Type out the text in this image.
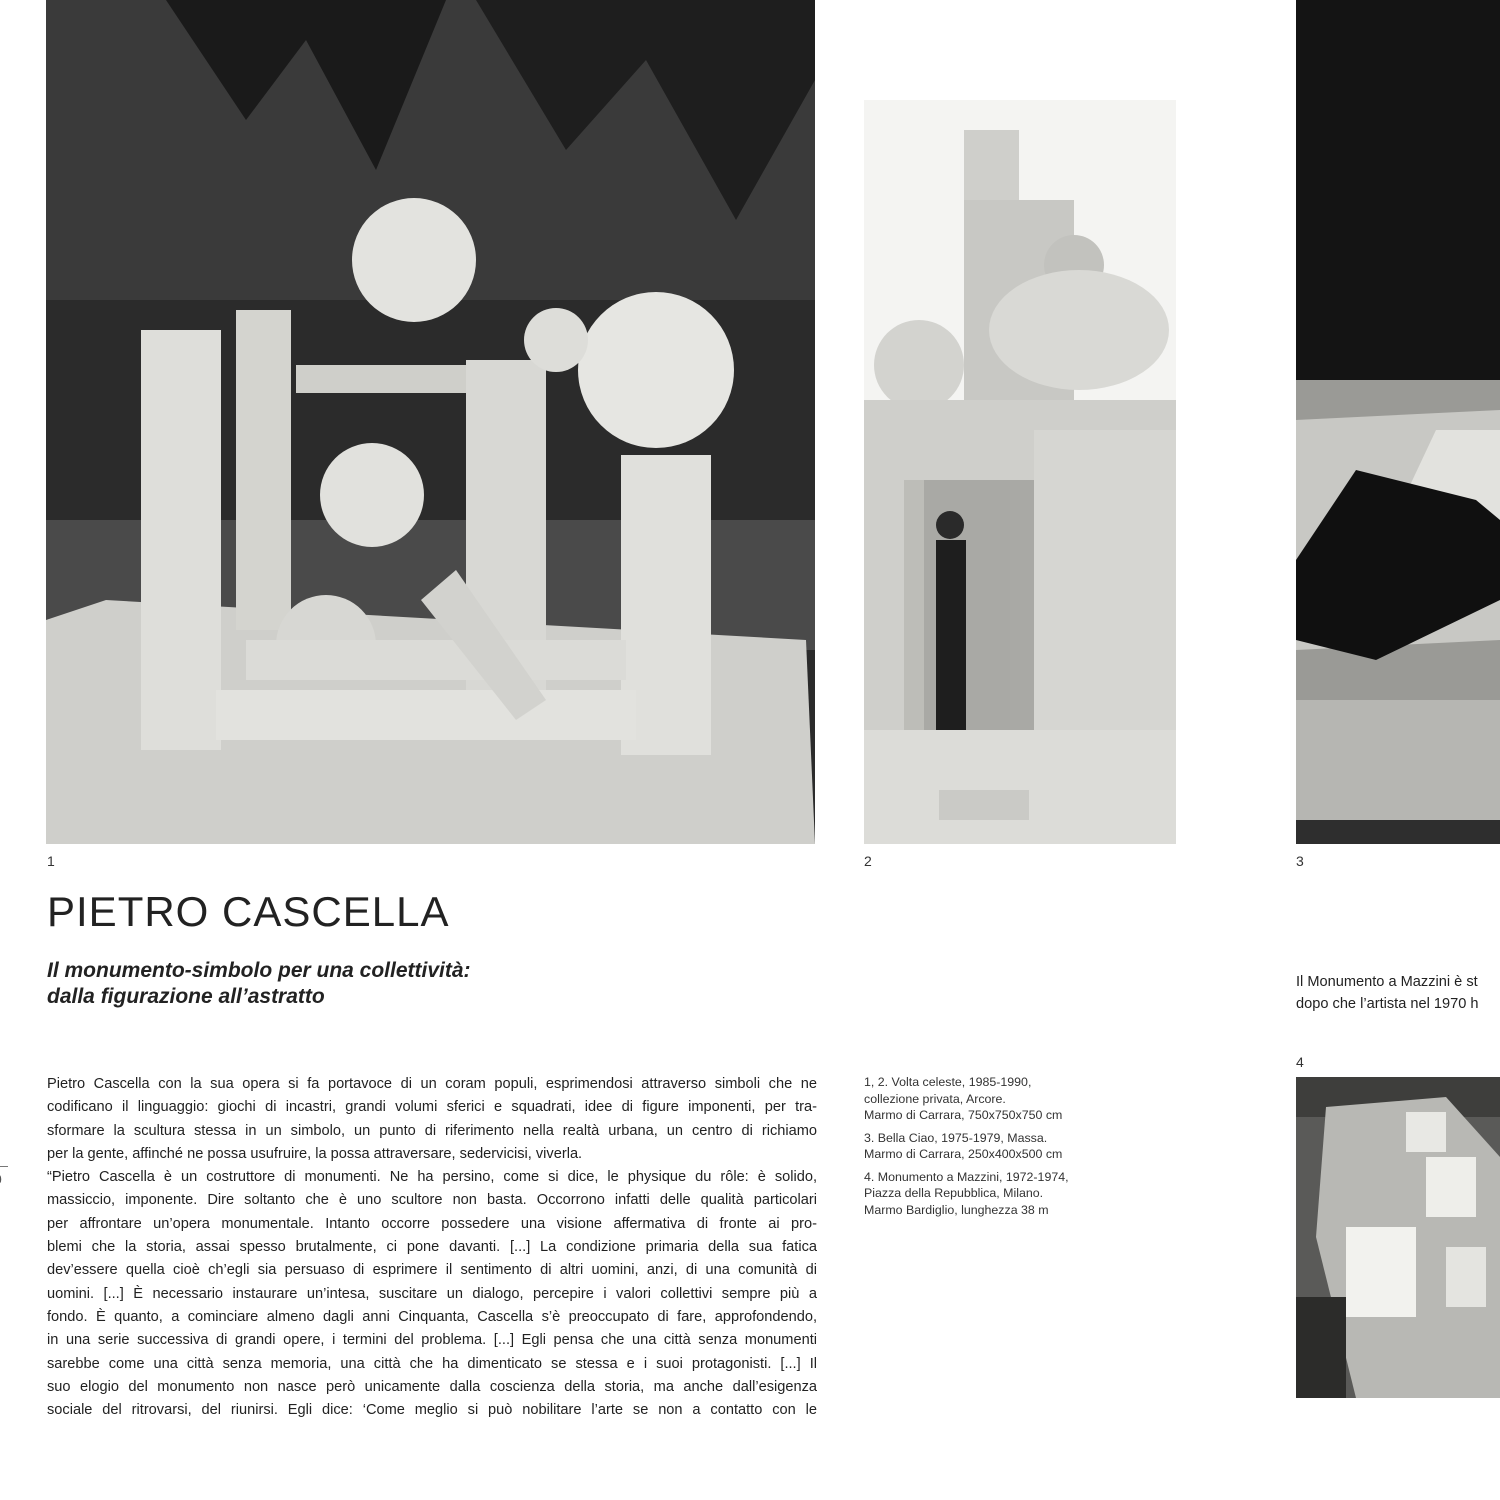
1	2	3
4
PIETRO CASCELLA
Il monumento-simbolo per una collettività:
dalla figurazione all’astratto
Pietro Cascella con la sua opera si fa portavoce di un coram populi, esprimendosi attraverso simboli che ne
codificano il linguaggio: giochi di incastri, grandi volumi sferici e squadrati, idee di figure imponenti, per tra-
sformare la scultura stessa in un simbolo, un punto di riferimento nella realtà urbana, un centro di richiamo
per la gente, affinché ne possa usufruire, la possa attraversare, sedervicisi, viverla.
“Pietro Cascella è un costruttore di monumenti. Ne ha persino, come si dice, le physique du rôle: è solido,
massiccio, imponente. Dire soltanto che è uno scultore non basta. Occorrono infatti delle qualità particolari
per affrontare un’opera monumentale. Intanto occorre possedere una visione affermativa di fronte ai pro-
blemi che la storia, assai spesso brutalmente, ci pone davanti. [...] La condizione primaria della sua fatica
dev’essere quella cioè ch’egli sia persuaso di esprimere il sentimento di altri uomini, anzi, di una comunità di
uomini. [...] È necessario instaurare un’intesa, suscitare un dialogo, percepire i valori collettivi sempre più a
fondo. È quanto, a cominciare almeno dagli anni Cinquanta, Cascella s’è preoccupato di fare, approfondendo,
in una serie successiva di grandi opere, i termini del problema. [...] Egli pensa che una città senza monumenti
sarebbe come una città senza memoria, una città che ha dimenticato se stessa e i suoi protagonisti. [...] Il
suo elogio del monumento non nasce però unicamente dalla coscienza della storia, ma anche dall’esigenza
sociale del ritrovarsi, del riunirsi. Egli dice: ‘Come meglio si può nobilitare l’arte se non a contatto con le
1, 2. Volta celeste, 1985-1990,
collezione privata, Arcore.
Marmo di Carrara, 750x750x750 cm
3. Bella Ciao, 1975-1979, Massa.
Marmo di Carrara, 250x400x500 cm
4. Monumento a Mazzini, 1972-1974,
Piazza della Repubblica, Milano.
Marmo Bardiglio, lunghezza 38 m
Il Monumento a Mazzini è st
dopo che l’artista nel 1970 h
